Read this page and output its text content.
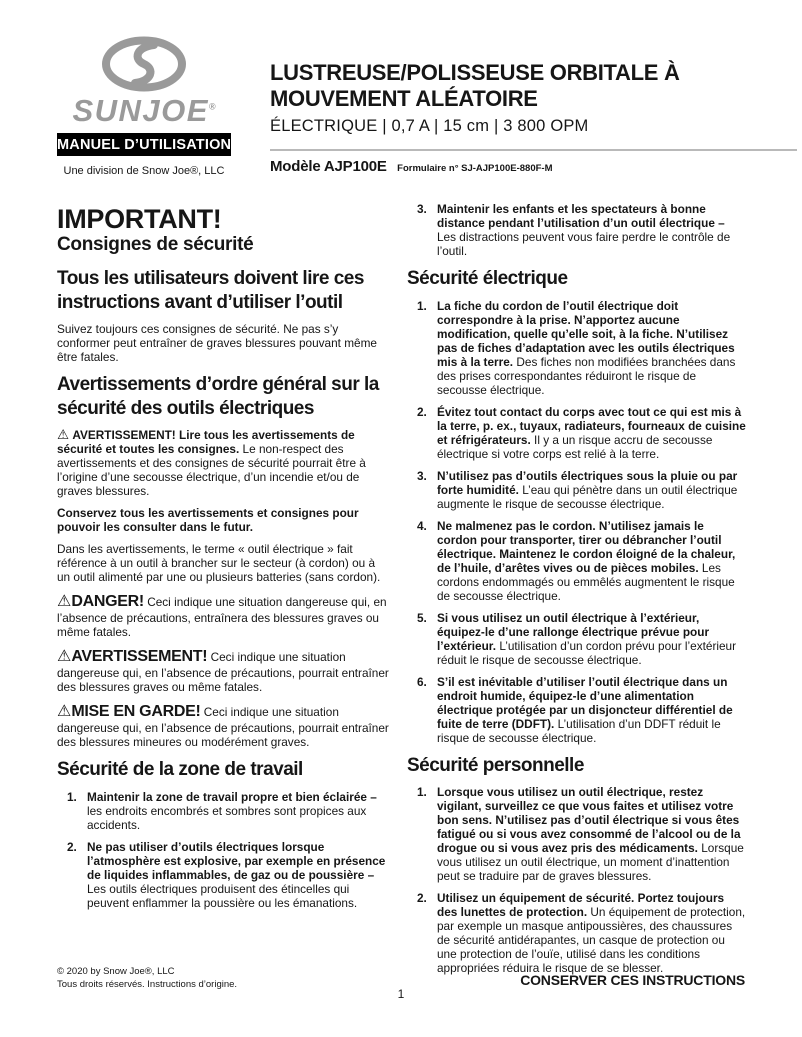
SUNJOE®
MANUEL D’UTILISATION
Une division de Snow Joe®, LLC
LUSTREUSE/POLISSEUSE ORBITALE À
MOUVEMENT ALÉATOIRE
ÉLECTRIQUE | 0,7 A | 15 cm | 3 800 OPM
Modèle AJP100E Formulaire n° SJ-AJP100E-880F-M
IMPORTANT!
Consignes de sécurité
Tous les utilisateurs doivent lire ces instructions avant d’utiliser l’outil

Suivez toujours ces consignes de sécurité. Ne pas s’y conformer peut entraîner de graves blessures pouvant même être fatales.

Avertissements d’ordre général sur la sécurité des outils électriques

⚠ AVERTISSEMENT! Lire tous les avertissements de sécurité et toutes les consignes. Le non-respect des avertissements et des consignes de sécurité pourrait être à l’origine d’une secousse électrique, d’un incendie et/ou de graves blessures.

Conservez tous les avertissements et consignes pour pouvoir les consulter dans le futur.

Dans les avertissements, le terme « outil électrique » fait référence à un outil à brancher sur le secteur (à cordon) ou à un outil alimenté par une ou plusieurs batteries (sans cordon).

⚠DANGER! Ceci indique une situation dangereuse qui, en l’absence de précautions, entraînera des blessures graves ou même fatales.

⚠AVERTISSEMENT! Ceci indique une situation dangereuse qui, en l’absence de précautions, pourrait entraîner des blessures graves ou même fatales.

⚠MISE EN GARDE! Ceci indique une situation dangereuse qui, en l’absence de précautions, pourrait entraîner des blessures mineures ou modérément graves.

Sécurité de la zone de travail
1. Maintenir la zone de travail propre et bien éclairée – les endroits encombrés et sombres sont propices aux accidents.
2. Ne pas utiliser d’outils électriques lorsque l’atmosphère est explosive, par exemple en présence de liquides inflammables, de gaz ou de poussière – Les outils électriques produisent des étincelles qui peuvent enflammer la poussière ou les émanations.
3. Maintenir les enfants et les spectateurs à bonne distance pendant l’utilisation d’un outil électrique – Les distractions peuvent vous faire perdre le contrôle de l’outil.
Sécurité électrique
1. La fiche du cordon de l’outil électrique doit correspondre à la prise. N’apportez aucune modification, quelle qu’elle soit, à la fiche. N’utilisez pas de fiches d’adaptation avec les outils électriques mis à la terre. Des fiches non modifiées branchées dans des prises correspondantes réduiront le risque de secousse électrique.
2. Évitez tout contact du corps avec tout ce qui est mis à la terre, p. ex., tuyaux, radiateurs, fourneaux de cuisine et réfrigérateurs. Il y a un risque accru de secousse électrique si votre corps est relié à la terre.
3. N’utilisez pas d’outils électriques sous la pluie ou par forte humidité. L’eau qui pénètre dans un outil électrique augmente le risque de secousse électrique.
4. Ne malmenez pas le cordon. N’utilisez jamais le cordon pour transporter, tirer ou débrancher l’outil électrique. Maintenez le cordon éloigné de la chaleur, de l’huile, d’arêtes vives ou de pièces mobiles. Les cordons endommagés ou emmêlés augmentent le risque de secousse électrique.
5. Si vous utilisez un outil électrique à l’extérieur, équipez-le d’une rallonge électrique prévue pour l’extérieur. L’utilisation d’un cordon prévu pour l’extérieur réduit le risque de secousse électrique.
6. S’il est inévitable d’utiliser l’outil électrique dans un endroit humide, équipez-le d’une alimentation électrique protégée par un disjoncteur différentiel de fuite de terre (DDFT). L’utilisation d’un DDFT réduit le risque de secousse électrique.
Sécurité personnelle
1. Lorsque vous utilisez un outil électrique, restez vigilant, surveillez ce que vous faites et utilisez votre bon sens. N’utilisez pas d’outil électrique si vous êtes fatigué ou si vous avez consommé de l’alcool ou de la drogue ou si vous avez pris des médicaments. Lorsque vous utilisez un outil électrique, un moment d’inattention peut se traduire par de graves blessures.
2. Utilisez un équipement de sécurité. Portez toujours des lunettes de protection. Un équipement de protection, par exemple un masque antipoussières, des chaussures de sécurité antidérapantes, un casque de protection ou une protection de l’ouïe, utilisé dans les conditions appropriées réduira le risque de se blesser.
© 2020 by Snow Joe®, LLC
Tous droits réservés. Instructions d’origine.
1
CONSERVER CES INSTRUCTIONS
